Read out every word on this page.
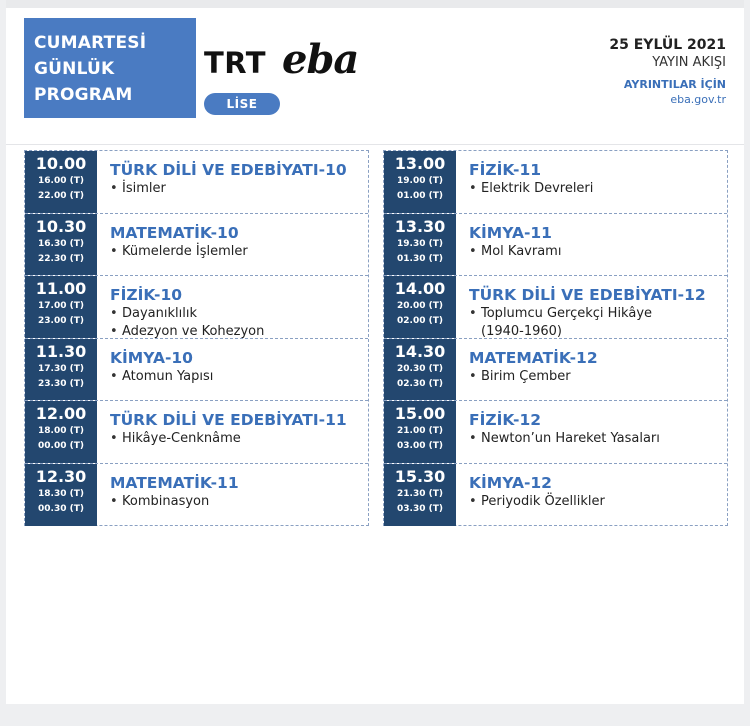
CUMARTESİ
GÜNLÜK
PROGRAM
TRT eba
LİSE
25 EYLÜL 2021
YAYIN AKIŞI
AYRINTILAR İÇİN
eba.gov.tr
10.00
16.00 (T)
22.00 (T)
TÜRK DİLİ VE EDEBİYATI-10
• İsimler
10.30
16.30 (T)
22.30 (T)
MATEMATİK-10
• Kümelerde İşlemler
11.00
17.00 (T)
23.00 (T)
FİZİK-10
• Dayanıklılık
• Adezyon ve Kohezyon
11.30
17.30 (T)
23.30 (T)
KİMYA-10
• Atomun Yapısı
12.00
18.00 (T)
00.00 (T)
TÜRK DİLİ VE EDEBİYATI-11
• Hikâye-Cenknâme
12.30
18.30 (T)
00.30 (T)
MATEMATİK-11
• Kombinasyon
13.00
19.00 (T)
01.00 (T)
FİZİK-11
• Elektrik Devreleri
13.30
19.30 (T)
01.30 (T)
KİMYA-11
• Mol Kavramı
14.00
20.00 (T)
02.00 (T)
TÜRK DİLİ VE EDEBİYATI-12
• Toplumcu Gerçekçi Hikâye
(1940-1960)
14.30
20.30 (T)
02.30 (T)
MATEMATİK-12
• Birim Çember
15.00
21.00 (T)
03.00 (T)
FİZİK-12
• Newton’un Hareket Yasaları
15.30
21.30 (T)
03.30 (T)
KİMYA-12
• Periyodik Özellikler
